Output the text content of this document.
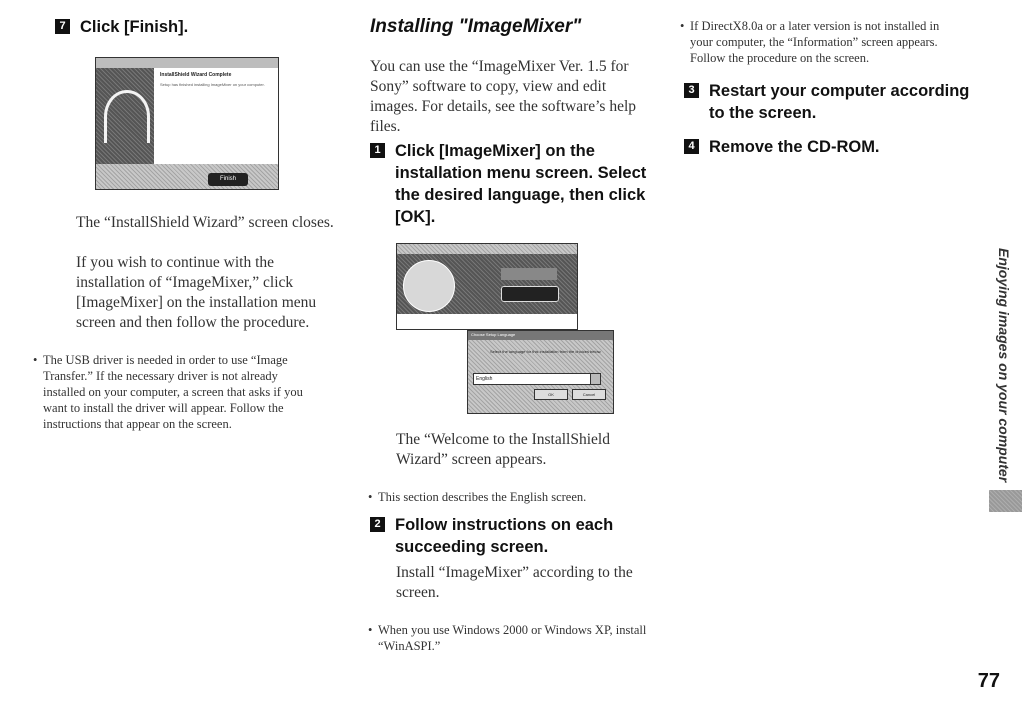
7 Click [Finish].
InstallShield Wizard Complete
Setup has finished installing ImageMixer on your computer.
Finish
The “InstallShield Wizard” screen closes.
If you wish to continue with the installation of “ImageMixer,” click [ImageMixer] on the installation menu screen and then follow the procedure.
• The USB driver is needed in order to use “Image Transfer.” If the necessary driver is not already installed on your computer, a screen that asks if you want to install the driver will appear. Follow the instructions that appear on the screen.
Installing "ImageMixer"
You can use the “ImageMixer Ver. 1.5 for Sony” software to copy, view and edit images. For details, see the software’s help files.
1 Click [ImageMixer] on the installation menu screen. Select the desired language, then click [OK].
Choose Setup Language
Select the language for this installation from the choices below.
English
OK	Cancel
The “Welcome to the InstallShield Wizard” screen appears.
• This section describes the English screen.
2 Follow instructions on each succeeding screen.
Install “ImageMixer” according to the screen.
• When you use Windows 2000 or Windows XP, install “WinASPI.”
• If DirectX8.0a or a later version is not installed in your computer, the “Information” screen appears. Follow the procedure on the screen.
3 Restart your computer according to the screen.
4 Remove the CD-ROM.
Enjoying images on your computer
77
